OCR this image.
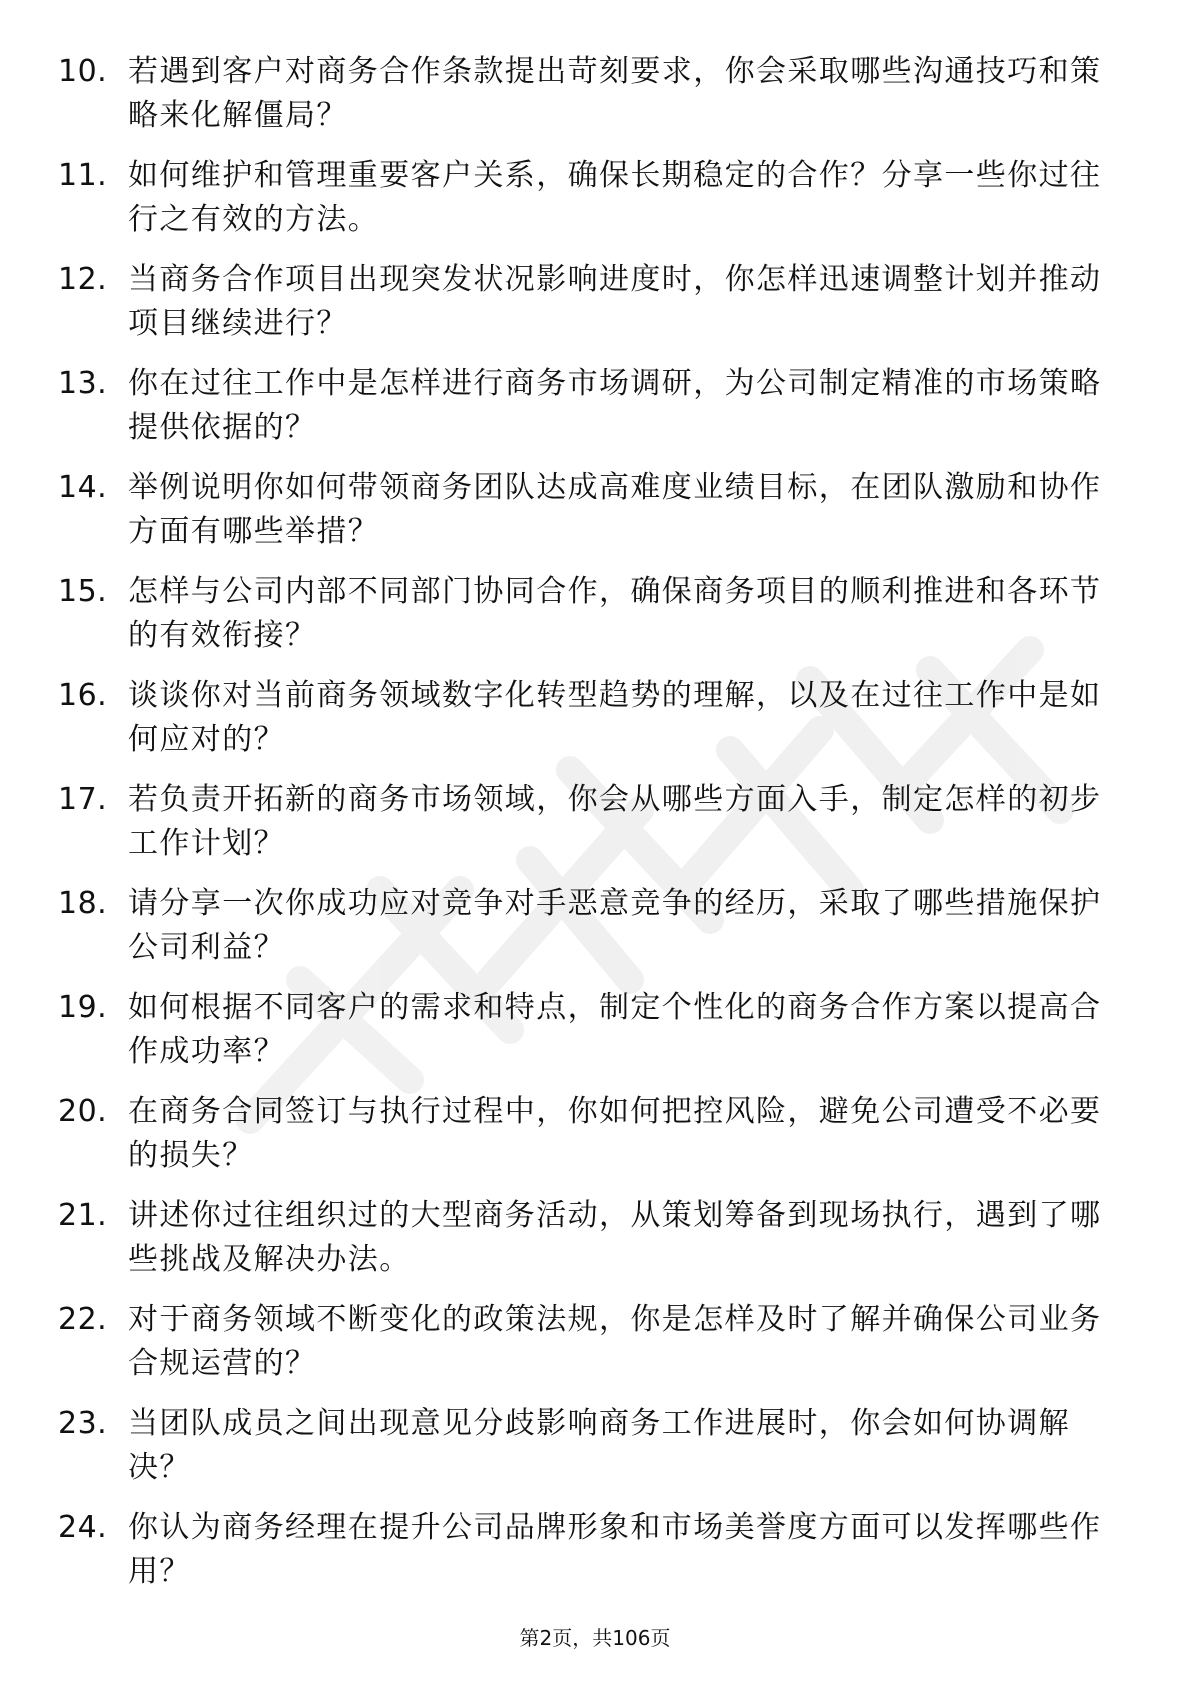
10. 若遇到客户对商务合作条款提出苛刻要求，你会采取哪些沟通技巧和策略来化解僵局？
11. 如何维护和管理重要客户关系，确保长期稳定的合作？分享一些你过往行之有效的方法。
12. 当商务合作项目出现突发状况影响进度时，你怎样迅速调整计划并推动项目继续进行？
13. 你在过往工作中是怎样进行商务市场调研，为公司制定精准的市场策略提供依据的？
14. 举例说明你如何带领商务团队达成高难度业绩目标，在团队激励和协作方面有哪些举措？
15. 怎样与公司内部不同部门协同合作，确保商务项目的顺利推进和各环节的有效衔接？
16. 谈谈你对当前商务领域数字化转型趋势的理解，以及在过往工作中是如何应对的？
17. 若负责开拓新的商务市场领域，你会从哪些方面入手，制定怎样的初步工作计划？
18. 请分享一次你成功应对竞争对手恶意竞争的经历，采取了哪些措施保护公司利益？
19. 如何根据不同客户的需求和特点，制定个性化的商务合作方案以提高合作成功率？
20. 在商务合同签订与执行过程中，你如何把控风险，避免公司遭受不必要的损失？
21. 讲述你过往组织过的大型商务活动，从策划筹备到现场执行，遇到了哪些挑战及解决办法。
22. 对于商务领域不断变化的政策法规，你是怎样及时了解并确保公司业务合规运营的？
23. 当团队成员之间出现意见分歧影响商务工作进展时，你会如何协调解决？
24. 你认为商务经理在提升公司品牌形象和市场美誉度方面可以发挥哪些作用？
第2页，共106页
